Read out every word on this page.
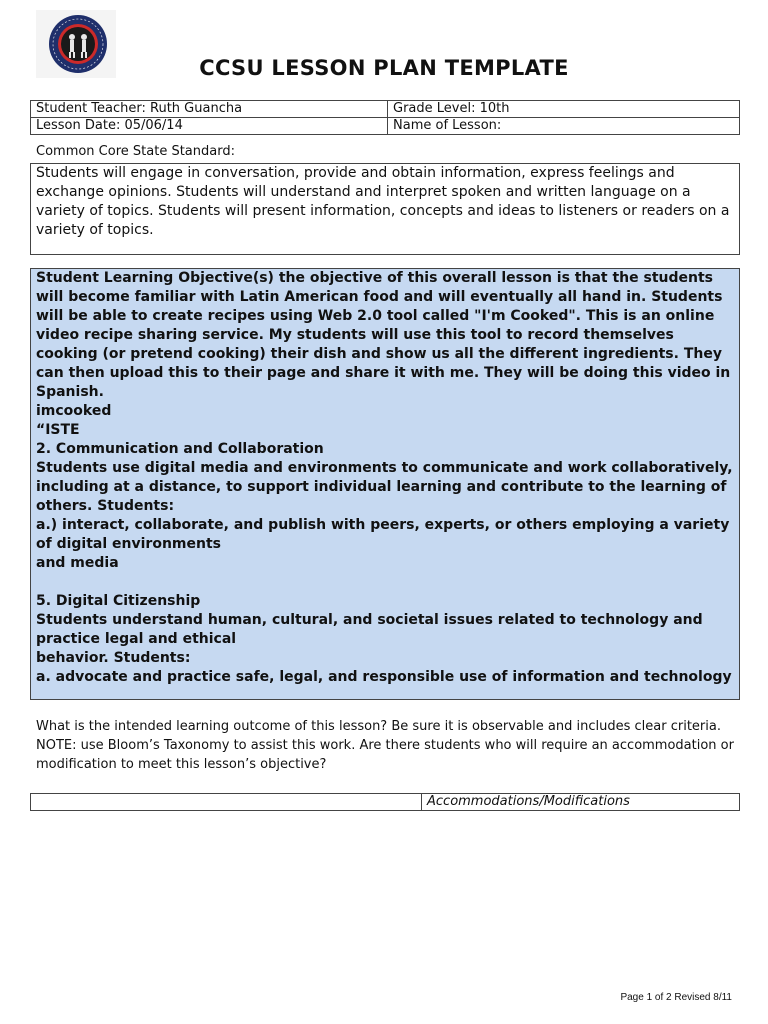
CCSU LESSON PLAN TEMPLATE
Student Teacher: Ruth Guancha	Grade Level: 10th
Lesson Date: 05/06/14	Name of Lesson:
Common Core State Standard:
Students will engage in conversation, provide and obtain information, express feelings and exchange opinions. Students will understand and interpret spoken and written language on a variety of topics. Students will present information, concepts and ideas to listeners or readers on a variety of topics.

Student Learning Objective(s) the objective of this overall lesson is that the students will become familiar with Latin American food and will eventually all hand in. Students will be able to create recipes using Web 2.0 tool called "I'm Cooked". This is an online video recipe sharing service. My students will use this tool to record themselves cooking (or pretend cooking) their dish and show us all the different ingredients. They can then upload this to their page and share it with me. They will be doing this video in Spanish.

imcooked

“ISTE

2. Communication and Collaboration

Students use digital media and environments to communicate and work collaboratively, including at a distance, to support individual learning and contribute to the learning of others. Students:

a.) interact, collaborate, and publish with peers, experts, or others employing a variety of digital environments

and media

5. Digital Citizenship

Students understand human, cultural, and societal issues related to technology and practice legal and ethical

behavior. Students:

a. advocate and practice safe, legal, and responsible use of information and technology

What is the intended learning outcome of this lesson? Be sure it is observable and includes clear criteria.

NOTE: use Bloom’s Taxonomy to assist this work. Are there students who will require an accommodation or modification to meet this lesson’s objective?

	Accommodations/Modifications
Page 1 of 2 Revised 8/11
